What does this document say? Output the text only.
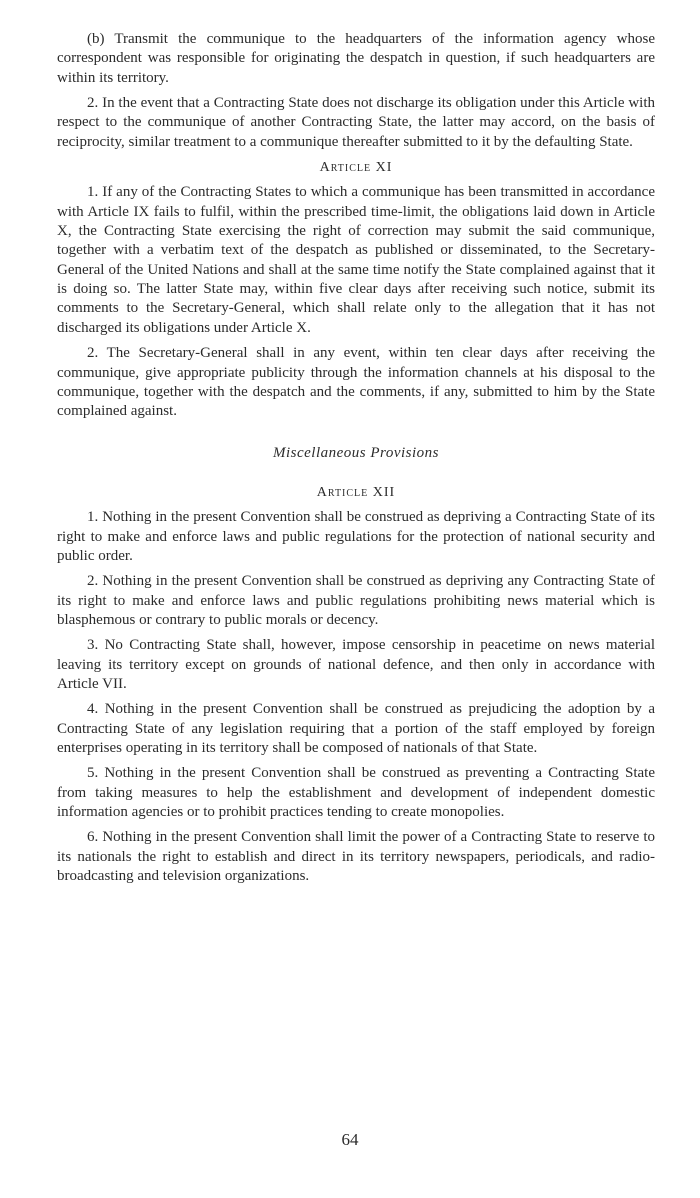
(b) Transmit the communique to the headquarters of the information agency whose correspondent was responsible for originating the despatch in question, if such headquarters are within its territory.

2. In the event that a Contracting State does not discharge its obligation under this Article with respect to the communique of another Contracting State, the latter may accord, on the basis of reciprocity, similar treatment to a communique thereafter submitted to it by the defaulting State.

Article XI

1. If any of the Contracting States to which a communique has been transmitted in accordance with Article IX fails to fulfil, within the prescribed time-limit, the obligations laid down in Article X, the Contracting State exercising the right of correction may submit the said communique, together with a verbatim text of the despatch as published or disseminated, to the Secretary-General of the United Nations and shall at the same time notify the State complained against that it is doing so. The latter State may, within five clear days after receiving such notice, submit its comments to the Secretary-General, which shall relate only to the allegation that it has not discharged its obligations under Article X.

2. The Secretary-General shall in any event, within ten clear days after receiving the communique, give appropriate publicity through the information channels at his disposal to the communique, together with the despatch and the comments, if any, submitted to him by the State complained against.

Miscellaneous Provisions
Article XII

1. Nothing in the present Convention shall be construed as depriving a Contracting State of its right to make and enforce laws and public regulations for the protection of national security and public order.

2. Nothing in the present Convention shall be construed as depriving any Contracting State of its right to make and enforce laws and public regulations prohibiting news material which is blasphemous or contrary to public morals or decency.

3. No Contracting State shall, however, impose censorship in peacetime on news material leaving its territory except on grounds of national defence, and then only in accordance with Article VII.

4. Nothing in the present Convention shall be construed as prejudicing the adoption by a Contracting State of any legislation requiring that a portion of the staff employed by foreign enterprises operating in its territory shall be composed of nationals of that State.

5. Nothing in the present Convention shall be construed as preventing a Contracting State from taking measures to help the establishment and development of independent domestic information agencies or to prohibit practices tending to create monopolies.

6. Nothing in the present Convention shall limit the power of a Contracting State to reserve to its nationals the right to establish and direct in its territory newspapers, periodicals, and radio-broadcasting and television organizations.

64
